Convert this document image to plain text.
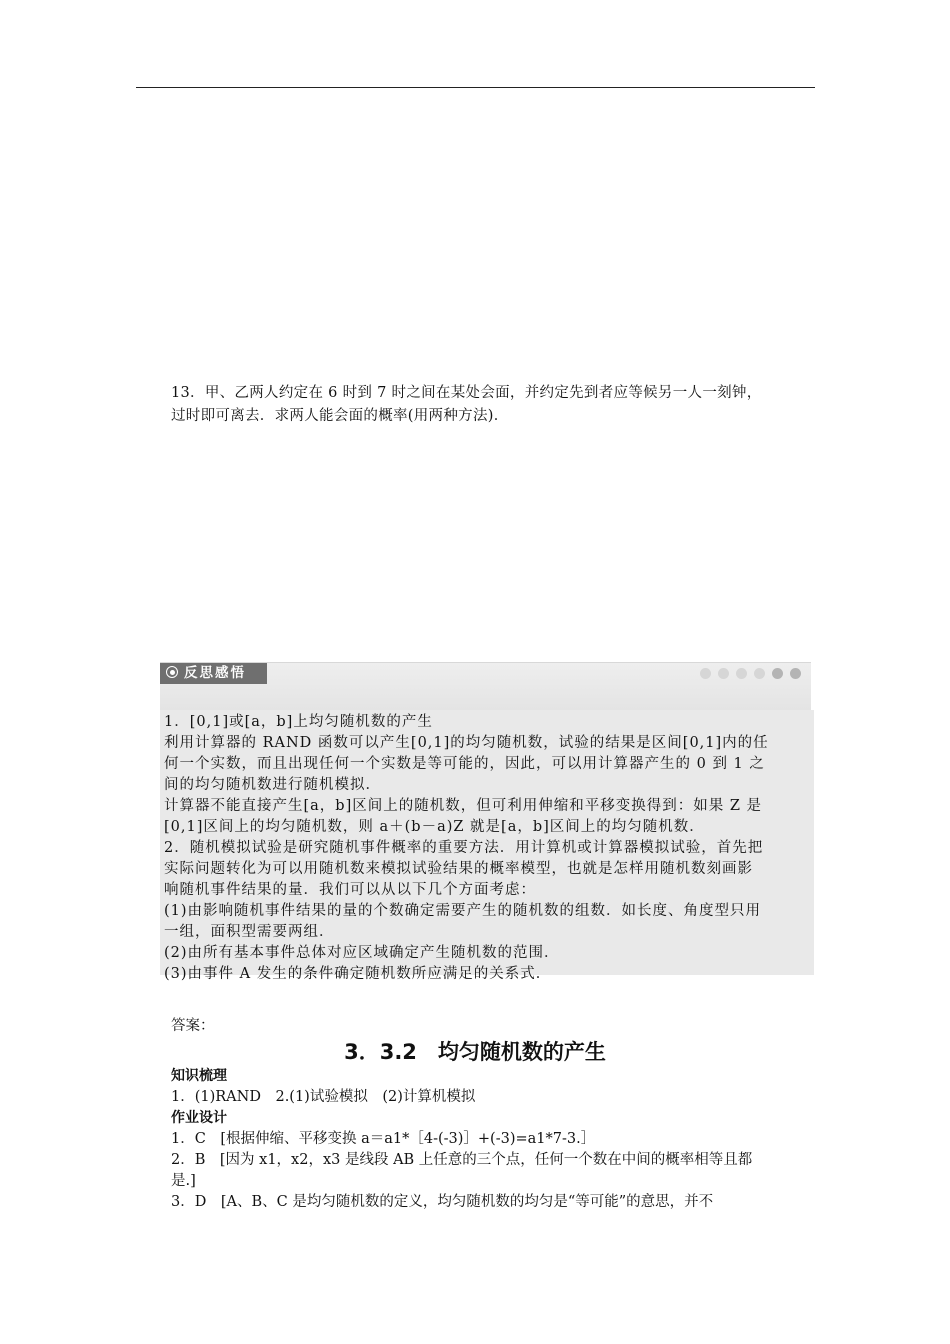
13．甲、乙两人约定在 6 时到 7 时之间在某处会面，并约定先到者应等候另一人一刻钟，
过时即可离去．求两人能会面的概率(用两种方法)．
反思感悟

1．[0,1]或[a，b]上均匀随机数的产生

利用计算器的 RAND 函数可以产生[0,1]的均匀随机数，试验的结果是区间[0,1]内的任

何一个实数，而且出现任何一个实数是等可能的，因此，可以用计算器产生的 0 到 1 之

间的均匀随机数进行随机模拟．

计算器不能直接产生[a，b]区间上的随机数，但可利用伸缩和平移变换得到：如果 Z 是

[0,1]区间上的均匀随机数，则 a＋(b－a)Z 就是[a，b]区间上的均匀随机数．

2．随机模拟试验是研究随机事件概率的重要方法．用计算机或计算器模拟试验，首先把

实际问题转化为可以用随机数来模拟试验结果的概率模型，也就是怎样用随机数刻画影

响随机事件结果的量．我们可以从以下几个方面考虑：

(1)由影响随机事件结果的量的个数确定需要产生的随机数的组数．如长度、角度型只用

一组，面积型需要两组．

(2)由所有基本事件总体对应区域确定产生随机数的范围．

(3)由事件 A 发生的条件确定随机数所应满足的关系式．

答案：
3．3.2　均匀随机数的产生

知识梳理

1．(1)RAND　2.(1)试验模拟　(2)计算机模拟

作业设计

1．C　[根据伸缩、平移变换 a＝a1*［4-(-3)］+(-3)=a1*7-3.］

2．B　[因为 x1，x2，x3 是线段 AB 上任意的三个点，任何一个数在中间的概率相等且都

是.]

3．D　[A、B、C 是均匀随机数的定义，均匀随机数的均匀是“等可能”的意思，并不
